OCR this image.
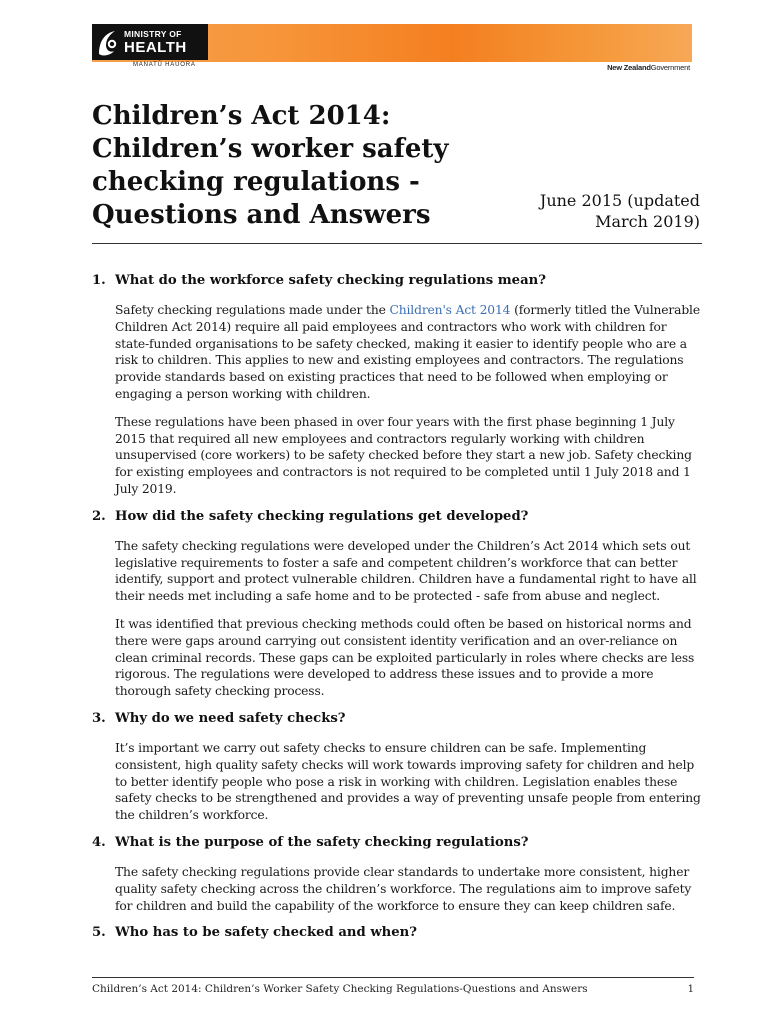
MINISTRY OF
HEALTH
MANATŪ HAUORA	New ZealandGovernment
Children’s Act 2014: Children’s worker safety checking regulations - Questions and Answers	June 2015 (updated
March 2019)
1. What do the workforce safety checking regulations mean?

Safety checking regulations made under the Children's Act 2014 (formerly titled the Vulnerable Children Act 2014) require all paid employees and contractors who work with children for state-funded organisations to be safety checked, making it easier to identify people who are a risk to children. This applies to new and existing employees and contractors. The regulations provide standards based on existing practices that need to be followed when employing or engaging a person working with children.

These regulations have been phased in over four years with the first phase beginning 1 July 2015 that required all new employees and contractors regularly working with children unsupervised (core workers) to be safety checked before they start a new job. Safety checking for existing employees and contractors is not required to be completed until 1 July 2018 and 1 July 2019.

2. How did the safety checking regulations get developed?

The safety checking regulations were developed under the Children’s Act 2014 which sets out legislative requirements to foster a safe and competent children’s workforce that can better identify, support and protect vulnerable children. Children have a fundamental right to have all their needs met including a safe home and to be protected - safe from abuse and neglect.

It was identified that previous checking methods could often be based on historical norms and there were gaps around carrying out consistent identity verification and an over-reliance on clean criminal records. These gaps can be exploited particularly in roles where checks are less rigorous. The regulations were developed to address these issues and to provide a more thorough safety checking process.

3. Why do we need safety checks?

It’s important we carry out safety checks to ensure children can be safe. Implementing consistent, high quality safety checks will work towards improving safety for children and help to better identify people who pose a risk in working with children. Legislation enables these safety checks to be strengthened and provides a way of preventing unsafe people from entering the children’s workforce.

4. What is the purpose of the safety checking regulations?

The safety checking regulations provide clear standards to undertake more consistent, higher quality safety checking across the children’s workforce. The regulations aim to improve safety for children and build the capability of the workforce to ensure they can keep children safe.

5. Who has to be safety checked and when?
Children’s Act 2014: Children’s Worker Safety Checking Regulations-Questions and Answers	1
